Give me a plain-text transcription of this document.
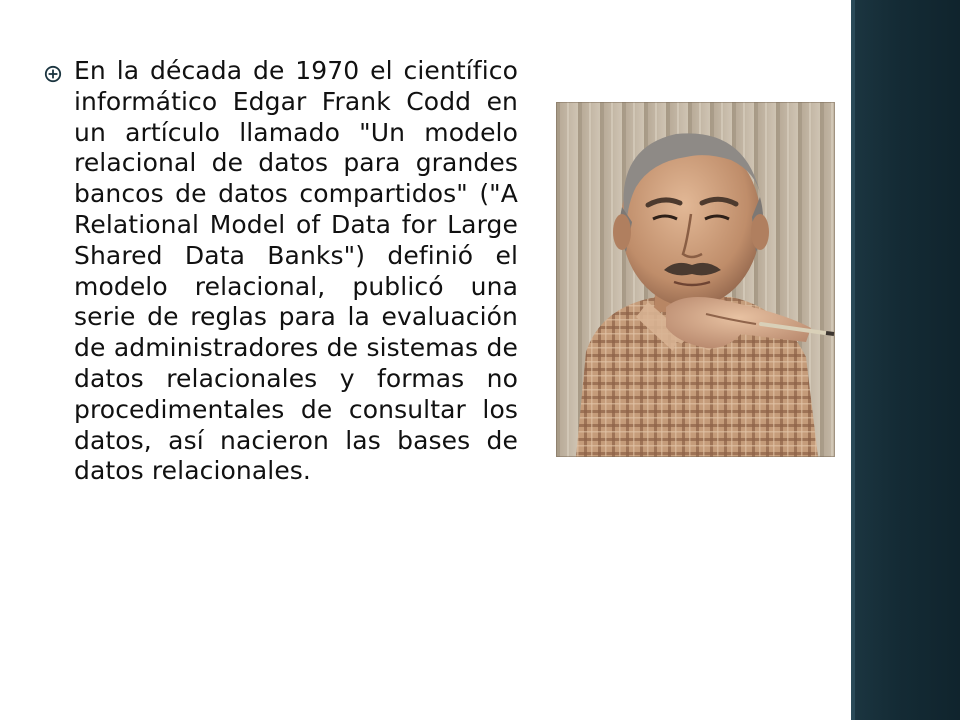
En la década de 1970 el científico informático Edgar Frank Codd en un artículo llamado "Un modelo relacional de datos para grandes bancos de datos compartidos" ("A Relational Model of Data for Large Shared Data Banks") definió el modelo relacional, publicó una serie de reglas para la evaluación de administradores de sistemas de datos relacionales y formas no procedimentales de consultar los datos, así nacieron las bases de datos relacionales.
